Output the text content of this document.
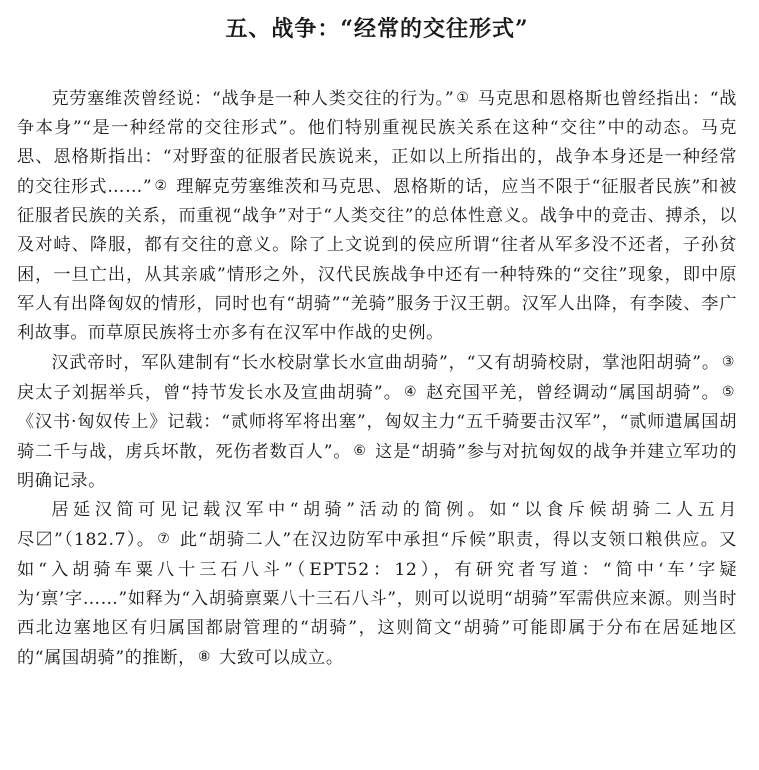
五、战争：“经常的交往形式”

克劳塞维茨曾经说：“战争是一种人类交往的行为。” ① 马克思和恩格斯也曾经指出：“战争本身”“是一种经常的交往形式”。他们特别重视民族关系在这种“交往”中的动态。马克思、恩格斯指出：“对野蛮的征服者民族说来，正如以上所指出的，战争本身还是一种经常的交往形式……” ② 理解克劳塞维茨和马克思、恩格斯的话，应当不限于“征服者民族”和被征服者民族的关系，而重视“战争”对于“人类交往”的总体性意义。战争中的竞击、搏杀，以及对峙、降服，都有交往的意义。除了上文说到的侯应所谓“往者从军多没不还者，子孙贫困，一旦亡出，从其亲戚”情形之外，汉代民族战争中还有一种特殊的“交往”现象，即中原军人有出降匈奴的情形，同时也有“胡骑”“羌骑”服务于汉王朝。汉军人出降，有李陵、李广利故事。而草原民族将士亦多有在汉军中作战的史例。

汉武帝时，军队建制有“长水校尉掌长水宣曲胡骑”，“又有胡骑校尉，掌池阳胡骑”。 ③ 戾太子刘据举兵，曾“持节发长水及宣曲胡骑”。 ④ 赵充国平羌，曾经调动“属国胡骑”。 ⑤《汉书·匈奴传上》记载：“贰师将军将出塞”，匈奴主力“五千骑要击汉军”，“贰师遣属国胡骑二千与战，虏兵坏散，死伤者数百人”。 ⑥ 这是“胡骑”参与对抗匈奴的战争并建立军功的明确记录。

居延汉简可见记载汉军中“胡骑”活动的简例。如“以食斥候胡骑二人五月尽〼”（182.7）。 ⑦ 此“胡骑二人”在汉边防军中承担“斥候”职责，得以支领口粮供应。又如“入胡骑车粟八十三石八斗”（EPT52：12），有研究者写道：“简中‘车’字疑为‘禀’字……”如释为“入胡骑禀粟八十三石八斗”，则可以说明“胡骑”军需供应来源。则当时西北边塞地区有归属国都尉管理的“胡骑”，这则简文“胡骑”可能即属于分布在居延地区的“属国胡骑”的推断， ⑧ 大致可以成立。
